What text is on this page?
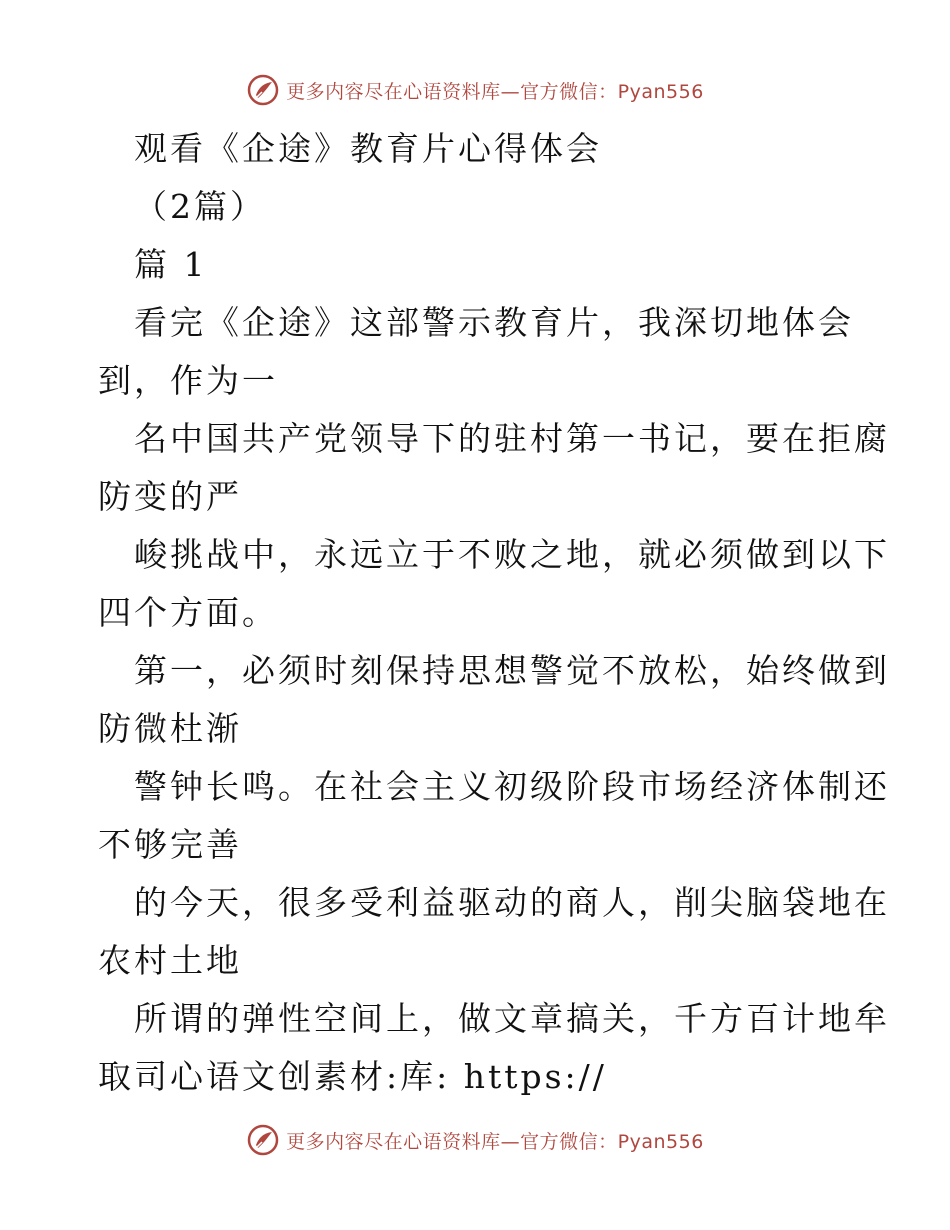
更多内容尽在心语资料库—官方微信：Pyan556
观看《企途》教育片心得体会
（2篇）
篇 1
看完《企途》这部警示教育片，我深切地体会
到，作为一
名中国共产党领导下的驻村第一书记，要在拒腐
防变的严
峻挑战中，永远立于不败之地，就必须做到以下
四个方面。
第一，必须时刻保持思想警觉不放松，始终做到
防微杜渐
警钟长鸣。在社会主义初级阶段市场经济体制还
不够完善
的今天，很多受利益驱动的商人，削尖脑袋地在
农村土地
所谓的弹性空间上，做文章搞关，千方百计地牟
取司心语文创素材:库: https://
更多内容尽在心语资料库—官方微信：Pyan556
